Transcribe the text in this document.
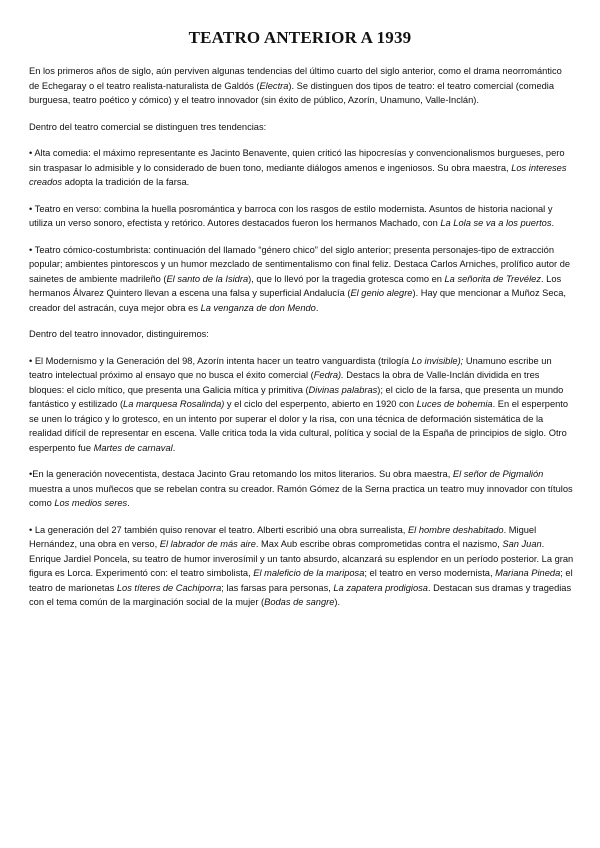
TEATRO ANTERIOR A 1939

En los primeros años de siglo, aún perviven algunas tendencias del último cuarto del siglo anterior, como el drama neorromántico de Echegaray o el teatro realista-naturalista de Galdós (Electra). Se distinguen dos tipos de teatro: el teatro comercial (comedia burguesa, teatro poético y cómico) y el teatro innovador (sin éxito de público, Azorín, Unamuno, Valle-Inclán).

Dentro del teatro comercial se distinguen tres tendencias:

• Alta comedia: el máximo representante es Jacinto Benavente, quien criticó las hipocresías y convencionalismos burgueses, pero sin traspasar lo admisible y lo considerado de buen tono, mediante diálogos amenos e ingeniosos. Su obra maestra, Los intereses creados adopta la tradición de la farsa.

• Teatro en verso: combina la huella posromántica y barroca con los rasgos de estilo modernista. Asuntos de historia nacional y utiliza un verso sonoro, efectista y retórico. Autores destacados fueron los hermanos Machado, con La Lola se va a los puertos.

• Teatro cómico-costumbrista: continuación del llamado “género chico” del siglo anterior; presenta personajes-tipo de extracción popular; ambientes pintorescos y un humor mezclado de sentimentalismo con final feliz. Destaca Carlos Arniches, prolífico autor de sainetes de ambiente madrileño (El santo de la Isidra), que lo llevó por la tragedia grotesca como en La señorita de Trevélez. Los hermanos Álvarez Quintero llevan a escena una falsa y superficial Andalucía (El genio alegre). Hay que mencionar a Muñoz Seca, creador del astracán, cuya mejor obra es La venganza de don Mendo.

Dentro del teatro innovador, distinguiremos:

• El Modernismo y la Generación del 98, Azorín intenta hacer un teatro vanguardista (trilogía Lo invisible); Unamuno escribe un teatro intelectual próximo al ensayo que no busca el éxito comercial (Fedra). Destacs la obra de Valle-Inclán dividida en tres bloques: el ciclo mítico, que presenta una Galicia mítica y primitiva (Divinas palabras); el ciclo de la farsa, que presenta un mundo fantástico y estilizado (La marquesa Rosalinda) y el ciclo del esperpento, abierto en 1920 con Luces de bohemia. En el esperpento se unen lo trágico y lo grotesco, en un intento por superar el dolor y la risa, con una técnica de deformación sistemática de la realidad difícil de representar en escena. Valle critica toda la vida cultural, política y social de la España de principios de siglo. Otro esperpento fue Martes de carnaval.

•En la generación novecentista, destaca Jacinto Grau retomando los mitos literarios. Su obra maestra, El señor de Pigmalión muestra a unos muñecos que se rebelan contra su creador. Ramón Gómez de la Serna practica un teatro muy innovador con títulos como Los medios seres.

• La generación del 27 también quiso renovar el teatro. Alberti escribió una obra surrealista, El hombre deshabitado. Miguel Hernández, una obra en verso, El labrador de más aire. Max Aub escribe obras comprometidas contra el nazismo, San Juan. Enrique Jardiel Poncela, su teatro de humor inverosímil y un tanto absurdo, alcanzará su esplendor en un período posterior. La gran figura es Lorca. Experimentó con: el teatro simbolista, El maleficio de la mariposa; el teatro en verso modernista, Mariana Pineda; el teatro de marionetas Los títeres de Cachiporra; las farsas para personas, La zapatera prodigiosa. Destacan sus dramas y tragedias con el tema común de la marginación social de la mujer (Bodas de sangre).
